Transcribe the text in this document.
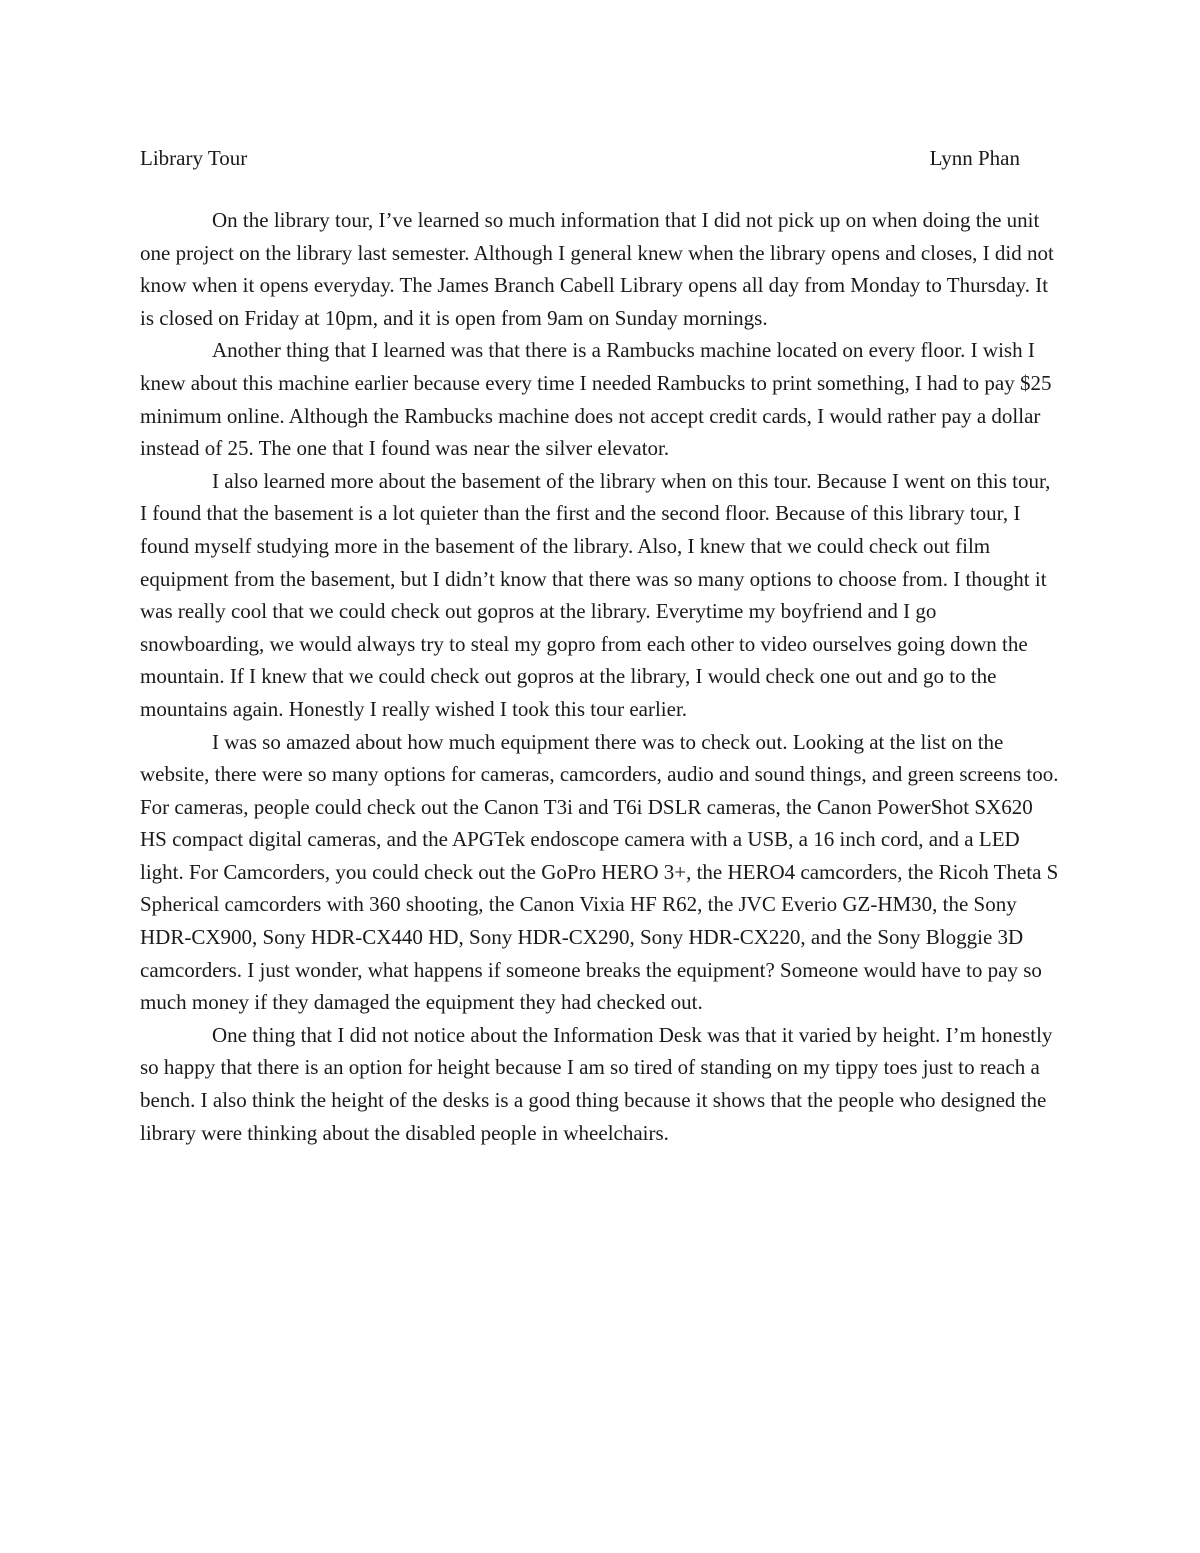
Library Tour	Lynn Phan

On the library tour, I’ve learned so much information that I did not pick up on when doing the unit one project on the library last semester. Although I general knew when the library opens and closes, I did not know when it opens everyday. The James Branch Cabell Library opens all day from Monday to Thursday. It is closed on Friday at 10pm, and it is open from 9am on Sunday mornings.

Another thing that I learned was that there is a Rambucks machine located on every floor. I wish I knew about this machine earlier because every time I needed Rambucks to print something, I had to pay $25 minimum online. Although the Rambucks machine does not accept credit cards, I would rather pay a dollar instead of 25. The one that I found was near the silver elevator.

I also learned more about the basement of the library when on this tour. Because I went on this tour, I found that the basement is a lot quieter than the first and the second floor. Because of this library tour, I found myself studying more in the basement of the library. Also, I knew that we could check out film equipment from the basement, but I didn’t know that there was so many options to choose from. I thought it was really cool that we could check out gopros at the library. Everytime my boyfriend and I go snowboarding, we would always try to steal my gopro from each other to video ourselves going down the mountain. If I knew that we could check out gopros at the library, I would check one out and go to the mountains again. Honestly I really wished I took this tour earlier.

I was so amazed about how much equipment there was to check out. Looking at the list on the website, there were so many options for cameras, camcorders, audio and sound things, and green screens too. For cameras, people could check out the Canon T3i and T6i DSLR cameras, the Canon PowerShot SX620 HS compact digital cameras, and the APGTek endoscope camera with a USB, a 16 inch cord, and a LED light. For Camcorders, you could check out the GoPro HERO 3+, the HERO4 camcorders, the Ricoh Theta S Spherical camcorders with 360 shooting, the Canon Vixia HF R62, the JVC Everio GZ-HM30, the Sony HDR-CX900, Sony HDR-CX440 HD, Sony HDR-CX290, Sony HDR-CX220, and the Sony Bloggie 3D camcorders. I just wonder, what happens if someone breaks the equipment? Someone would have to pay so much money if they damaged the equipment they had checked out.

One thing that I did not notice about the Information Desk was that it varied by height. I’m honestly so happy that there is an option for height because I am so tired of standing on my tippy toes just to reach a bench. I also think the height of the desks is a good thing because it shows that the people who designed the library were thinking about the disabled people in wheelchairs.
